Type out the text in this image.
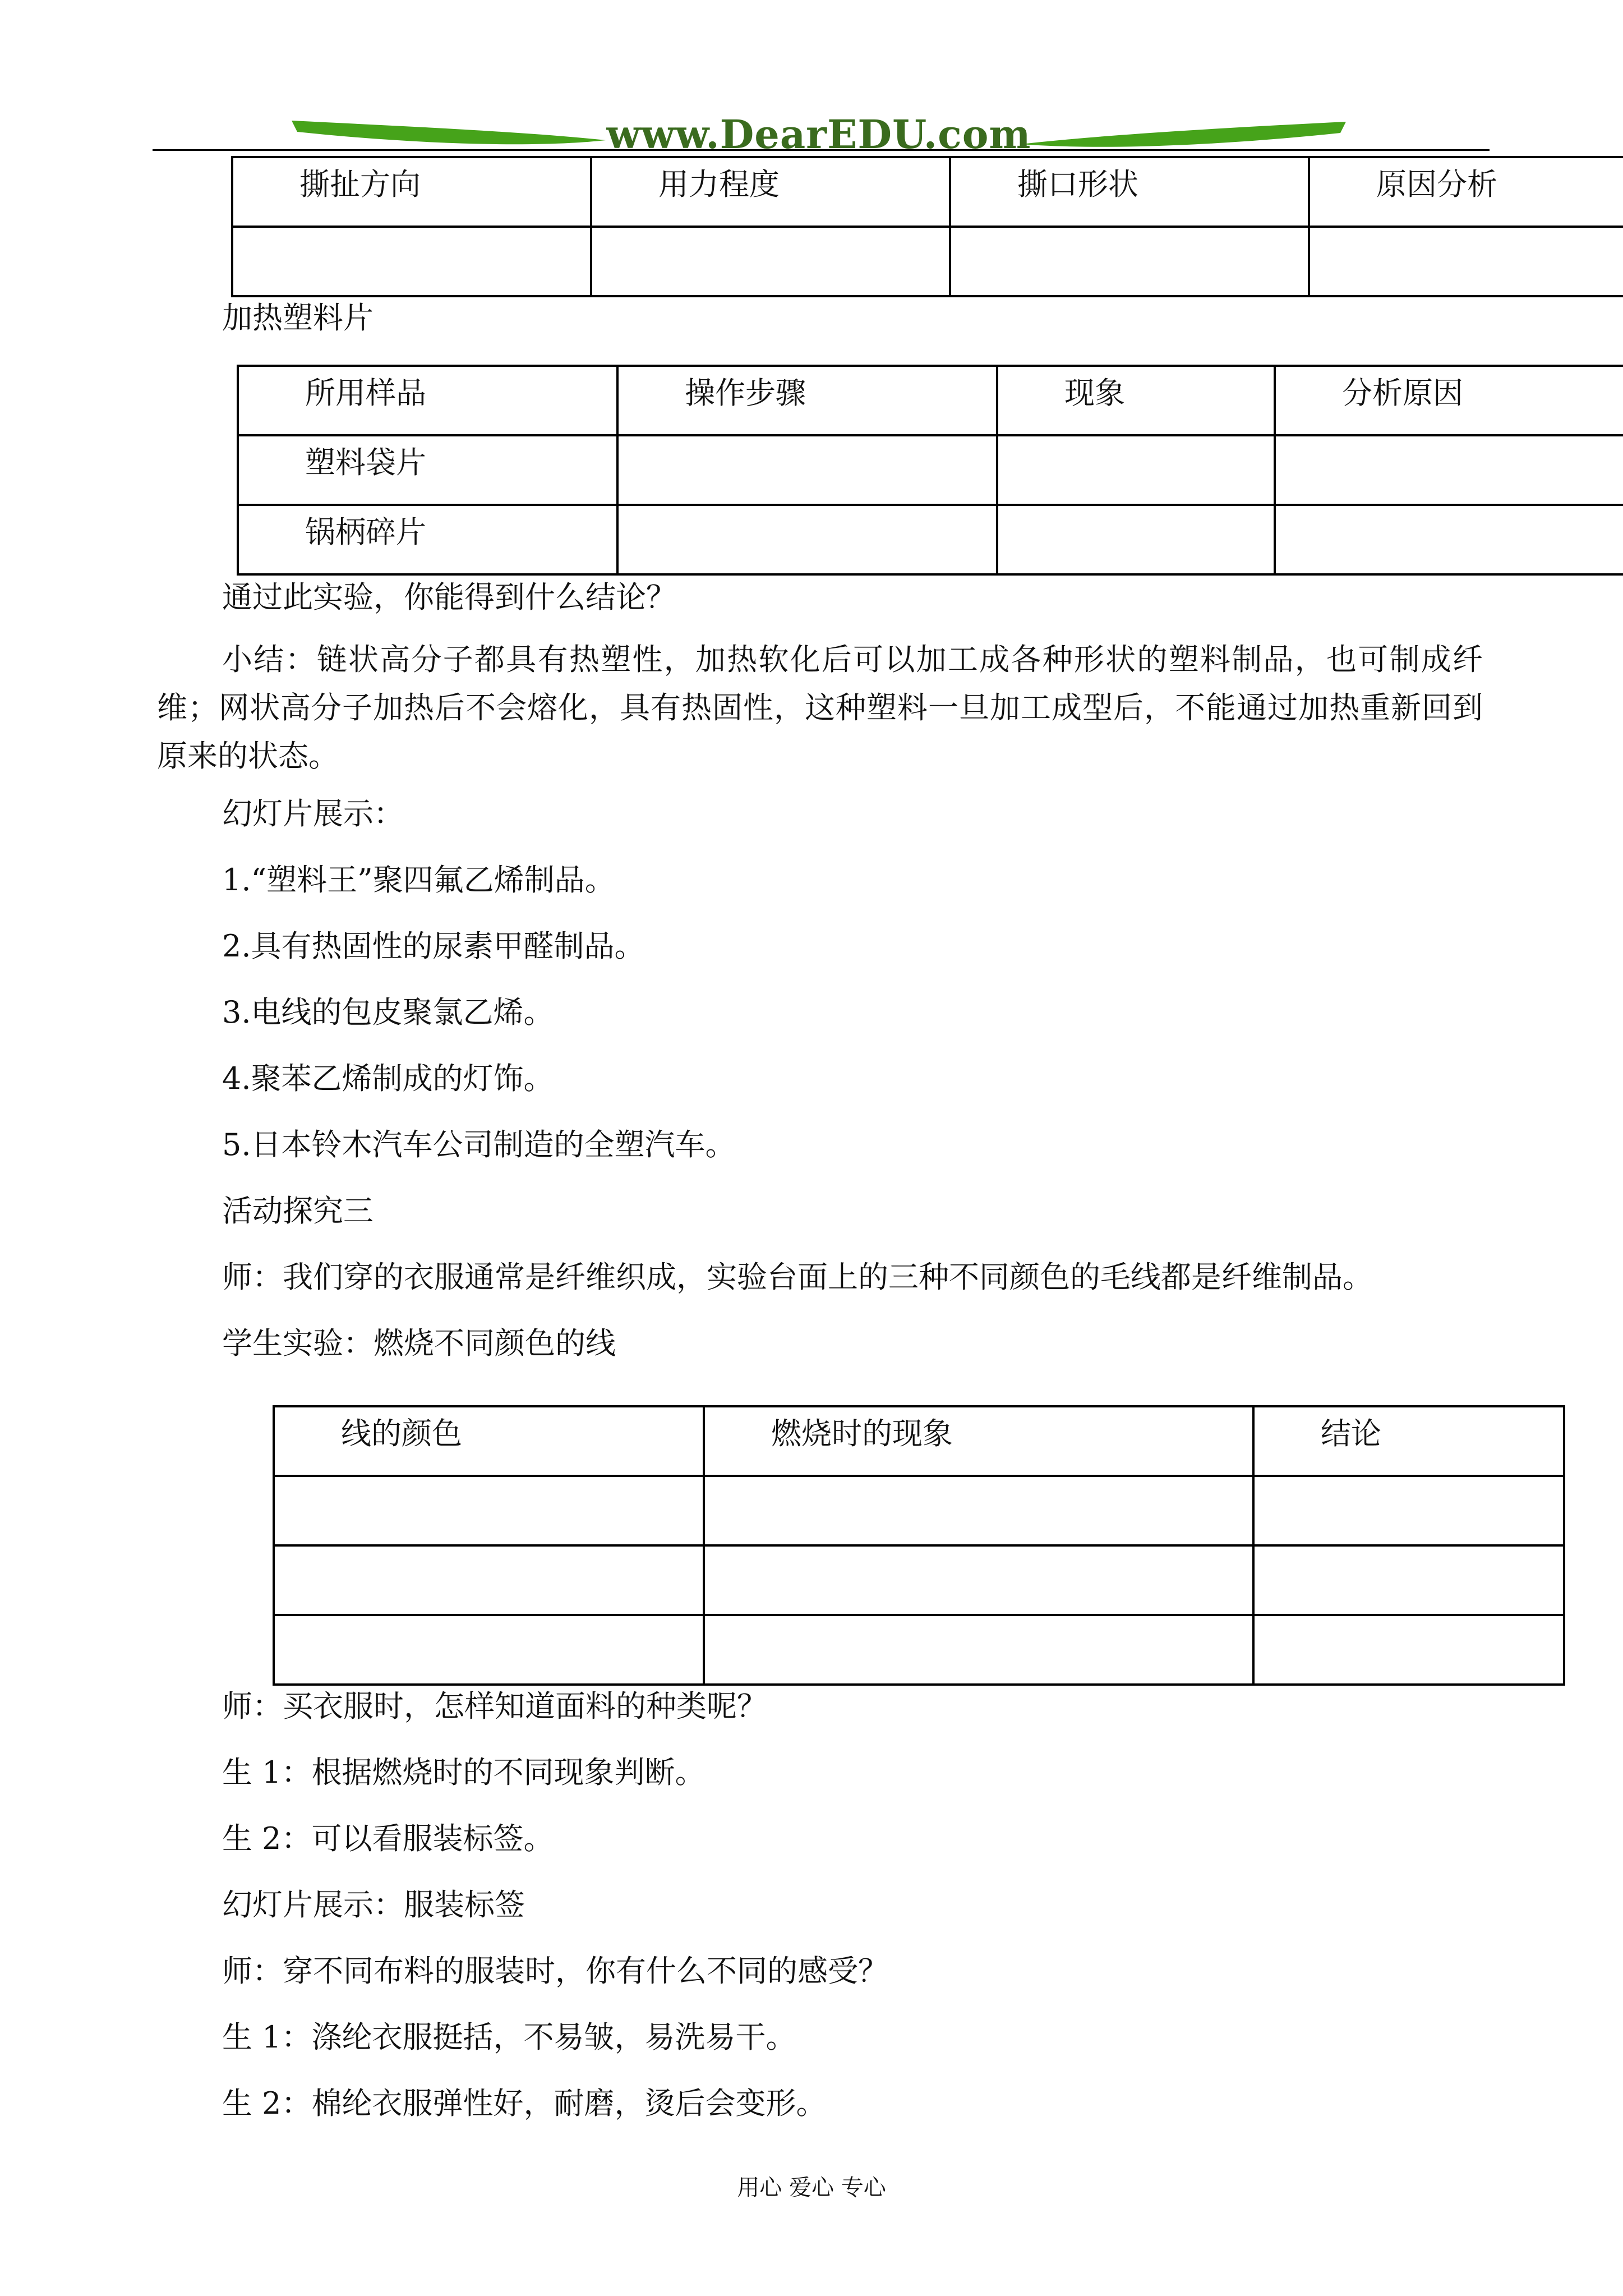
www.DearEDU.com
撕扯方向	用力程度	撕口形状	原因分析

加热塑料片
所用样品	操作步骤	现象	分析原因

塑料袋片			

锅柄碎片			

通过此实验，你能得到什么结论？
小结：链状高分子都具有热塑性，加热软化后可以加工成各种形状的塑料制品，也可制成纤维；网状高分子加热后不会熔化，具有热固性，这种塑料一旦加工成型后，不能通过加热重新回到原来的状态。
幻灯片展示：
1.“塑料王”聚四氟乙烯制品。
2.具有热固性的尿素甲醛制品。
3.电线的包皮聚氯乙烯。
4.聚苯乙烯制成的灯饰。
5.日本铃木汽车公司制造的全塑汽车。
活动探究三
师：我们穿的衣服通常是纤维织成，实验台面上的三种不同颜色的毛线都是纤维制品。
学生实验：燃烧不同颜色的线
线的颜色	燃烧时的现象	结论

师：买衣服时，怎样知道面料的种类呢？
生 1：根据燃烧时的不同现象判断。
生 2：可以看服装标签。
幻灯片展示：服装标签
师：穿不同布料的服装时，你有什么不同的感受？
生 1：涤纶衣服挺括，不易皱，易洗易干。
生 2：棉纶衣服弹性好，耐磨，烫后会变形。
用心 爱心 专心
